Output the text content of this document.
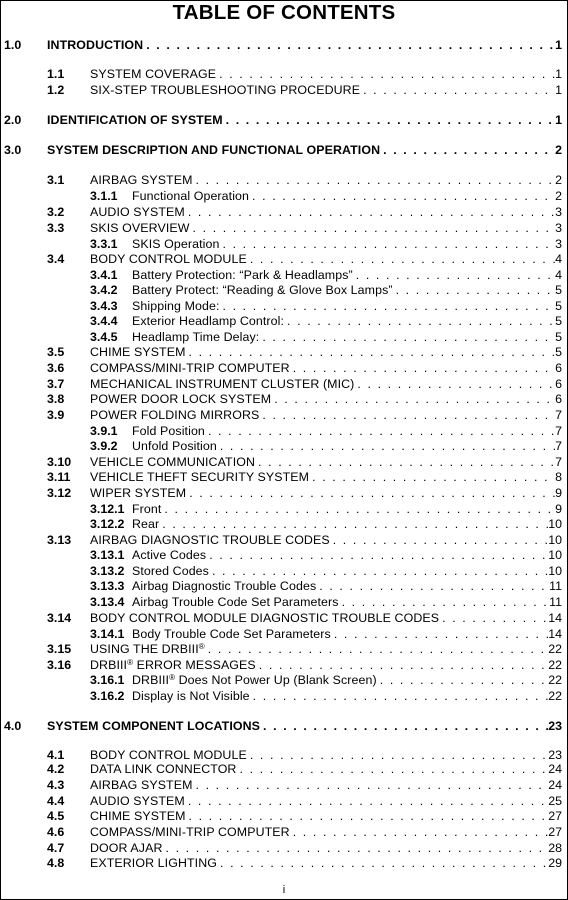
TABLE OF CONTENTS
1.0	INTRODUCTION . . .	1
1.1	SYSTEM COVERAGE . . .	1
1.2	SIX-STEP TROUBLESHOOTING PROCEDURE . . .	1
2.0	IDENTIFICATION OF SYSTEM . . .	1
3.0	SYSTEM DESCRIPTION AND FUNCTIONAL OPERATION . . .	2
3.1	AIRBAG SYSTEM . . .	2
3.1.1	Functional Operation . . .	2
3.2	AUDIO SYSTEM . . .	3
3.3	SKIS OVERVIEW . . .	3
3.3.1	SKIS Operation . . .	3
3.4	BODY CONTROL MODULE . . .	4
3.4.1	Battery Protection: “Park & Headlamps” . . .	4
3.4.2	Battery Protect: “Reading & Glove Box Lamps” . . .	5
3.4.3	Shipping Mode: . . .	5
3.4.4	Exterior Headlamp Control: . . .	5
3.4.5	Headlamp Time Delay: . . .	5
3.5	CHIME SYSTEM . . .	5
3.6	COMPASS/MINI-TRIP COMPUTER . . .	6
3.7	MECHANICAL INSTRUMENT CLUSTER (MIC) . . .	6
3.8	POWER DOOR LOCK SYSTEM . . .	6
3.9	POWER FOLDING MIRRORS . . .	7
3.9.1	Fold Position . . .	7
3.9.2	Unfold Position . . .	7
3.10	VEHICLE COMMUNICATION . . .	7
3.11	VEHICLE THEFT SECURITY SYSTEM . . .	8
3.12	WIPER SYSTEM . . .	9
3.12.1 Front . . .	9
3.12.2 Rear . . .	10
3.13	AIRBAG DIAGNOSTIC TROUBLE CODES . . .	10
3.13.1 Active Codes . . .	10
3.13.2 Stored Codes . . .	10
3.13.3 Airbag Diagnostic Trouble Codes . . .	11
3.13.4 Airbag Trouble Code Set Parameters . . .	11
3.14	BODY CONTROL MODULE DIAGNOSTIC TROUBLE CODES . . .	14
3.14.1 Body Trouble Code Set Parameters . . .	14
3.15	USING THE DRBIII® . . .	22
3.16	DRBIII® ERROR MESSAGES . . .	22
3.16.1 DRBIII® Does Not Power Up (Blank Screen) . . .	22
3.16.2 Display is Not Visible . . .	22
4.0	SYSTEM COMPONENT LOCATIONS . . .	23
4.1	BODY CONTROL MODULE . . .	23
4.2	DATA LINK CONNECTOR . . .	24
4.3	AIRBAG SYSTEM . . .	24
4.4	AUDIO SYSTEM . . .	25
4.5	CHIME SYSTEM . . .	27
4.6	COMPASS/MINI-TRIP COMPUTER . . .	27
4.7	DOOR AJAR . . .	28
4.8	EXTERIOR LIGHTING . . .	29
i
